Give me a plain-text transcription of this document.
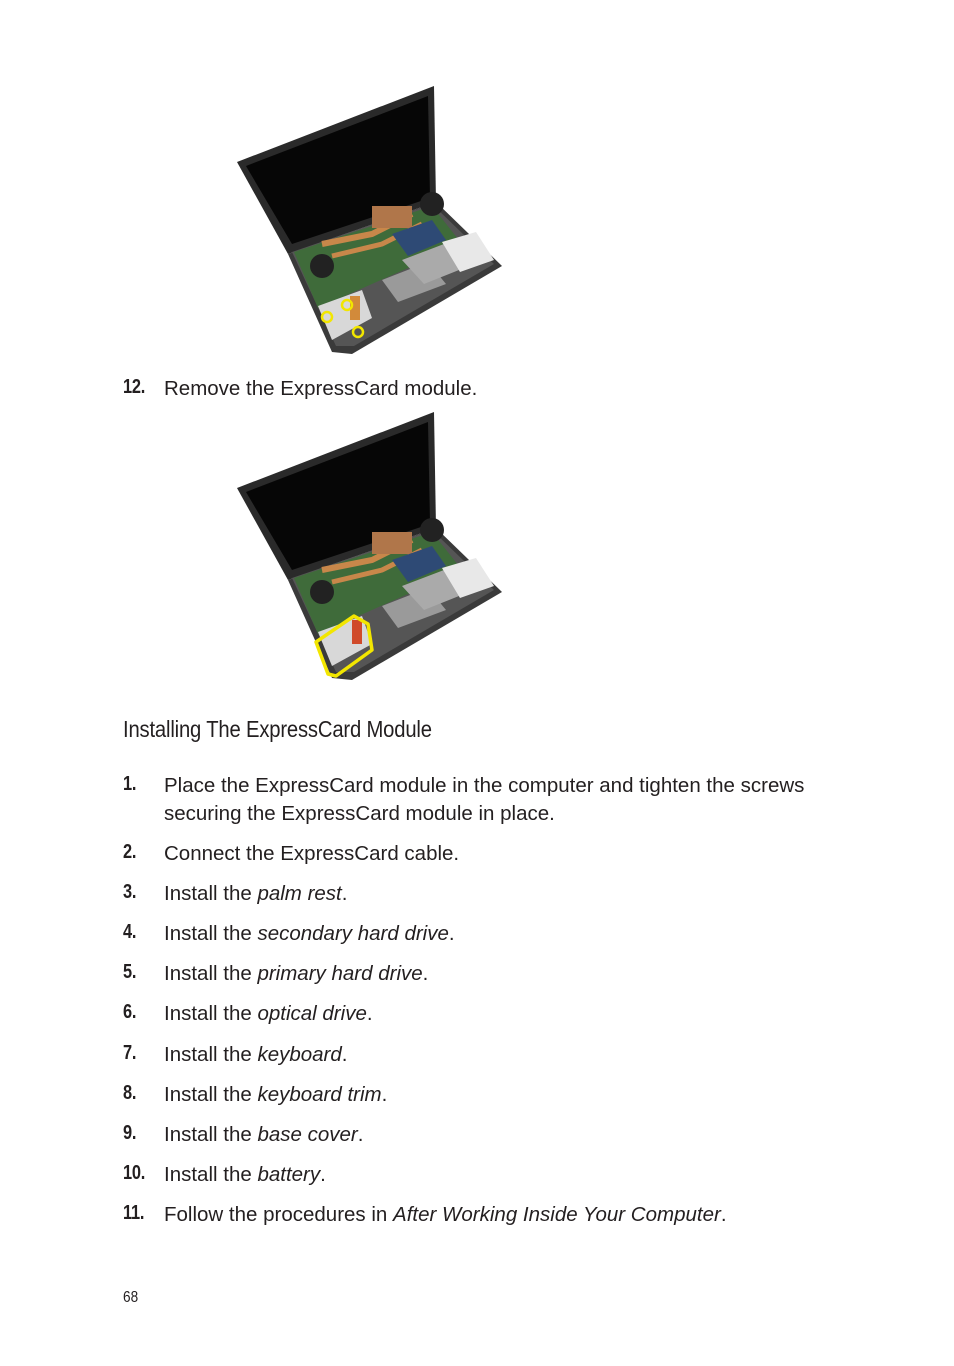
12. Remove the ExpressCard module.
Installing The ExpressCard Module
1. Place the ExpressCard module in the computer and tighten the screws securing the ExpressCard module in place.
2. Connect the ExpressCard cable.
3. Install the palm rest.
4. Install the secondary hard drive.
5. Install the primary hard drive.
6. Install the optical drive.
7. Install the keyboard.
8. Install the keyboard trim.
9. Install the base cover.
10. Install the battery.
11. Follow the procedures in After Working Inside Your Computer.
68
